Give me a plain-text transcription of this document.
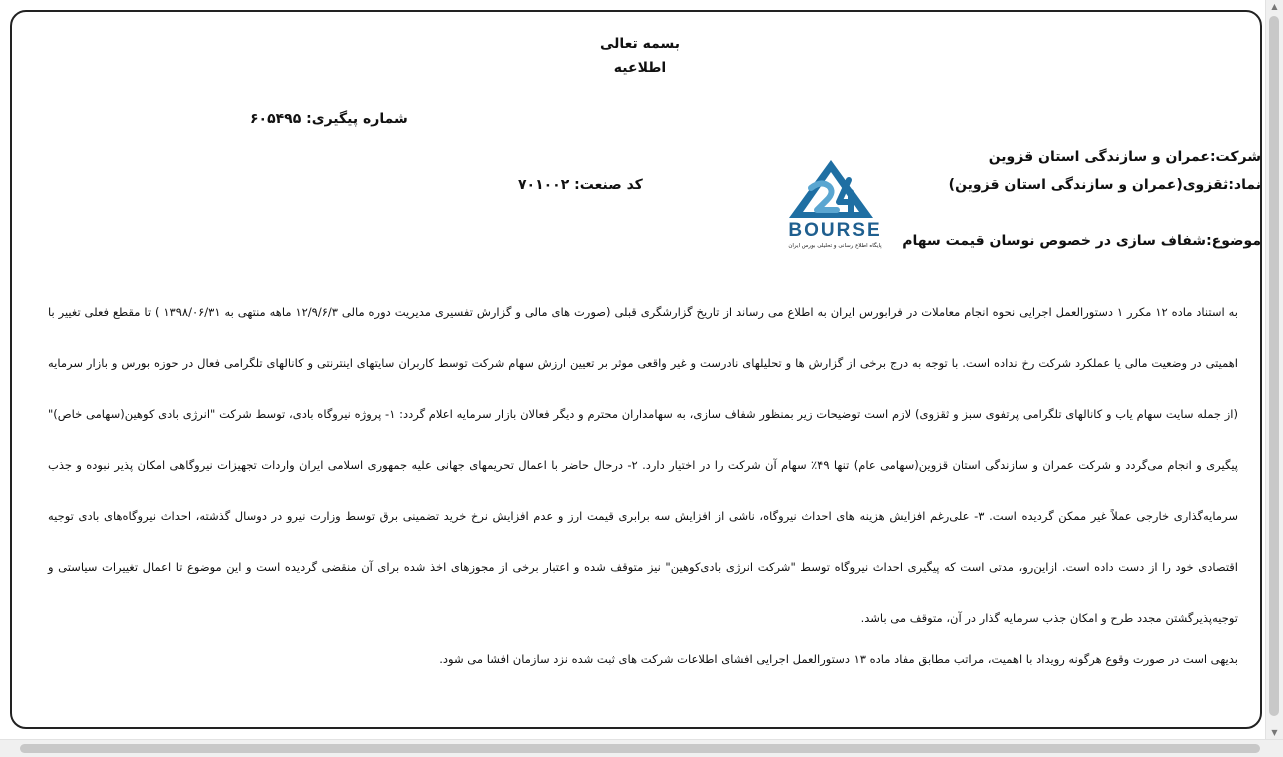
بسمه تعالی
اطلاعیه
شماره پیگیری: ۶۰۵۴۹۵
شرکت:عمران و سازندگی استان قزوین
نماد:ثقزوی(عمران و سازندگی استان قزوین)
کد صنعت: ۷۰۱۰۰۲
موضوع:شفاف سازی در خصوص نوسان قیمت سهام
BOURSE
پایگاه اطلاع رسانی و تحلیلی بورس ایران
به استناد ماده ۱۲ مکرر ۱ دستورالعمل اجرایی نحوه انجام معاملات در فرابورس ایران به اطلاع می رساند از تاریخ گزارشگری قبلی (صورت های مالی و گزارش تفسیری مدیریت دوره مالی ۱۲/۹/۶/۳ ماهه منتهی به ۱۳۹۸/۰۶/۳۱ ) تا مقطع فعلی تغییر با اهمیتی در وضعیت مالی یا عملکرد شرکت رخ نداده است. با توجه به درج برخی از گزارش ها و تحلیلهای نادرست و غیر واقعی موثر بر تعیین ارزش سهام شرکت توسط کاربران سایتهای اینترنتی و کانالهای تلگرامی فعال در حوزه بورس و بازار سرمایه (از جمله سایت سهام یاب و کانالهای تلگرامی پرتفوی سبز و ثقزوی) لازم است توضیحات زیر بمنظور شفاف سازی، به سهامداران محترم و دیگر فعالان بازار سرمایه اعلام گردد: ۱- پروژه نیروگاه بادی، توسط شرکت "انرژی بادی کوهین(سهامی خاص)" پیگیری و انجام می‌گردد و شرکت عمران و سازندگی استان قزوین(سهامی عام) تنها ۴۹٪ سهام آن شرکت را در اختیار دارد. ۲- درحال حاضر با اعمال تحریمهای جهانی علیه جمهوری اسلامی ایران واردات تجهیزات نیروگاهی امکان پذیر نبوده و جذب سرمایه‌گذاری خارجی عملاً غیر ممکن گردیده است. ۳- علی‌رغم افزایش هزینه های احداث نیروگاه، ناشی از افزایش سه برابری قیمت ارز و عدم افزایش نرخ خرید تضمینی برق توسط وزارت نیرو در دوسال گذشته، احداث نیروگاه‌های بادی توجیه اقتصادی خود را از دست داده است. ازاین‌رو، مدتی است که پیگیری احداث نیروگاه توسط "شرکت انرژی بادی‌کوهین" نیز متوقف شده و اعتبار برخی از مجوزهای اخذ شده برای آن منقضی گردیده است و این موضوع تا اعمال تغییرات سیاستی و توجیه‌پذیرگشتن مجدد طرح و امکان جذب سرمایه گذار در آن، متوقف می باشد.
بدیهی است در صورت وقوع هرگونه رویداد با اهمیت، مراتب مطابق مفاد ماده ۱۳ دستورالعمل اجرایی افشای اطلاعات شرکت های ثبت شده نزد سازمان افشا می شود.
▲
▼
